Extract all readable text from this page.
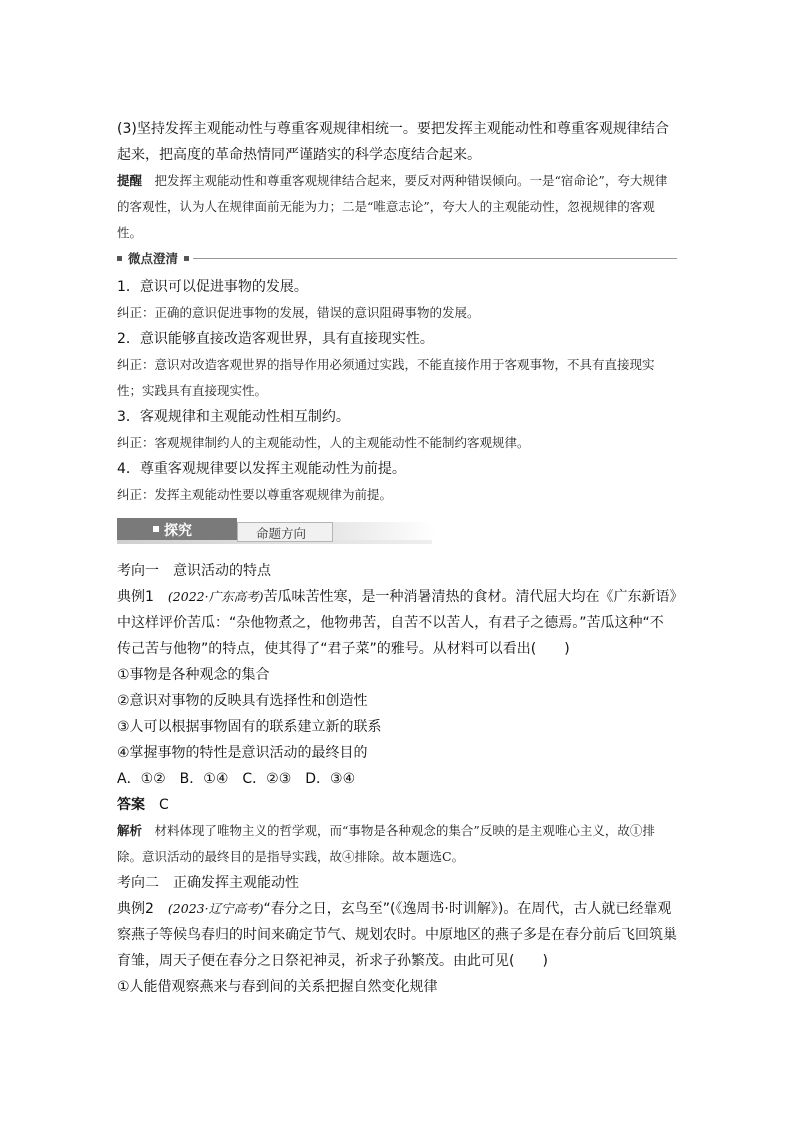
(3)坚持发挥主观能动性与尊重客观规律相统一。要把发挥主观能动性和尊重客观规律结合起来，把高度的革命热情同严谨踏实的科学态度结合起来。

提醒　 把发挥主观能动性和尊重客观规律结合起来，要反对两种错误倾向。一是“宿命论”，夸大规律的客观性，认为人在规律面前无能为力；二是“唯意志论”，夸大人的主观能动性，忽视规律的客观性。

微点澄清

1．意识可以促进事物的发展。

纠正：正确的意识促进事物的发展，错误的意识阻碍事物的发展。

2．意识能够直接改造客观世界，具有直接现实性。

纠正：意识对改造客观世界的指导作用必须通过实践，不能直接作用于客观事物，不具有直接现实性；实践具有直接现实性。

3．客观规律和主观能动性相互制约。

纠正：客观规律制约人的主观能动性，人的主观能动性不能制约客观规律。

4．尊重客观规律要以发挥主观能动性为前提。

纠正：发挥主观能动性要以尊重客观规律为前提。

探究	命题方向

考向一　意识活动的特点

典例1　 (2022·广东高考)苦瓜味苦性寒，是一种消暑清热的食材。清代屈大均在《广东新语》中这样评价苦瓜：“杂他物煮之，他物弗苦，自苦不以苦人，有君子之德焉。”苦瓜这种“不传己苦与他物”的特点，使其得了“君子菜”的雅号。从材料可以看出(　　)

①事物是各种观念的集合

②意识对事物的反映具有选择性和创造性

③人可以根据事物固有的联系建立新的联系

④掌握事物的特性是意识活动的最终目的

A．①②　B．①④　C．②③　D．③④

答案　 C

解析　 材料体现了唯物主义的哲学观，而“事物是各种观念的集合”反映的是主观唯心主义，故①排除。意识活动的最终目的是指导实践，故④排除。故本题选C。

考向二　正确发挥主观能动性

典例2　 (2023·辽宁高考)“春分之日，玄鸟至”(《逸周书·时训解》)。在周代，古人就已经靠观察燕子等候鸟春归的时间来确定节气、规划农时。中原地区的燕子多是在春分前后飞回筑巢育雏，周天子便在春分之日祭祀神灵，祈求子孙繁茂。由此可见(　　)

①人能借观察燕来与春到间的关系把握自然变化规律
